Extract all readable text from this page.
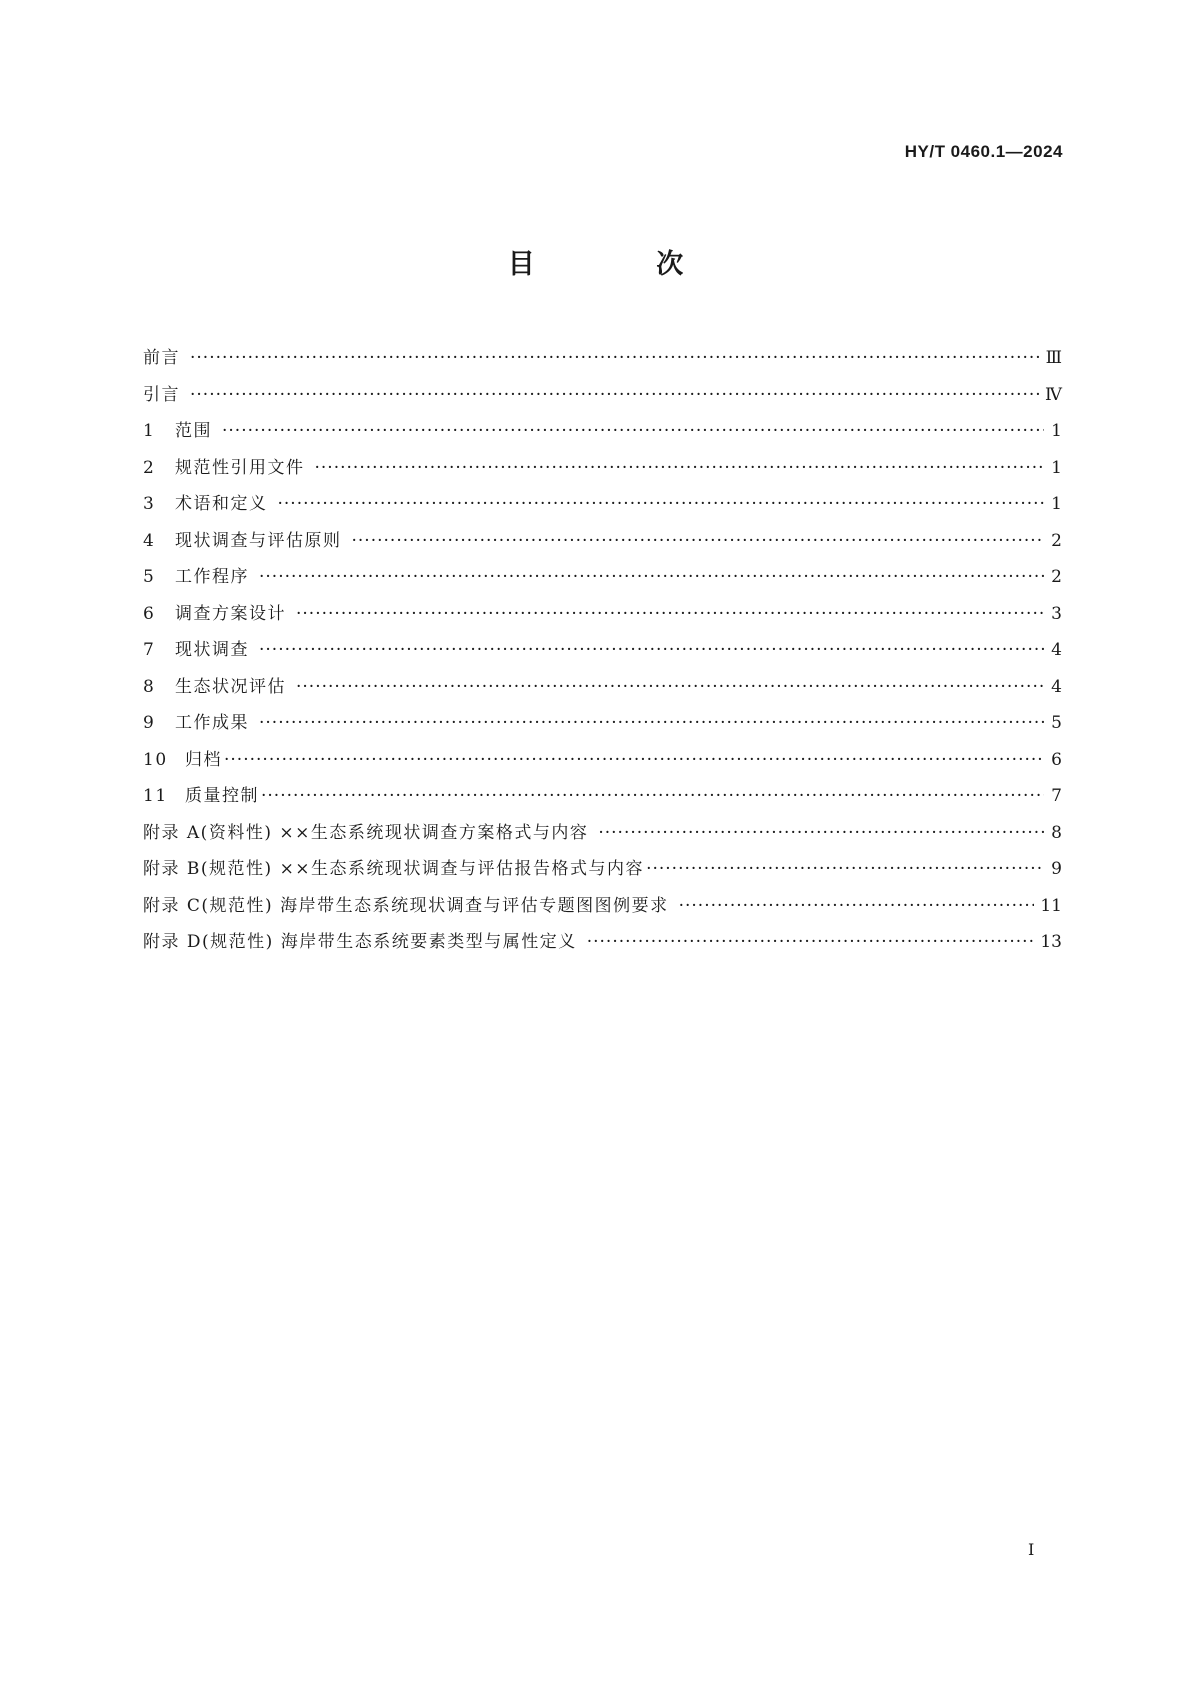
HY/T 0460.1—2024
目 次
前言 ·····	Ⅲ
引言 ·····	Ⅳ
1 范围 ·····	1
2 规范性引用文件 ·····	1
3 术语和定义 ·····	1
4 现状调查与评估原则 ·····	2
5 工作程序 ·····	2
6 调查方案设计 ·····	3
7 现状调查 ·····	4
8 生态状况评估 ·····	4
9 工作成果 ·····	5
10 归档 ·····	6
11 质量控制 ·····	7
附录 A(资料性) ××生态系统现状调查方案格式与内容 ·····	8
附录 B(规范性) ××生态系统现状调查与评估报告格式与内容 ·····	9
附录 C(规范性) 海岸带生态系统现状调查与评估专题图图例要求 ·····	11
附录 D(规范性) 海岸带生态系统要素类型与属性定义 ·····	13
Ⅰ
